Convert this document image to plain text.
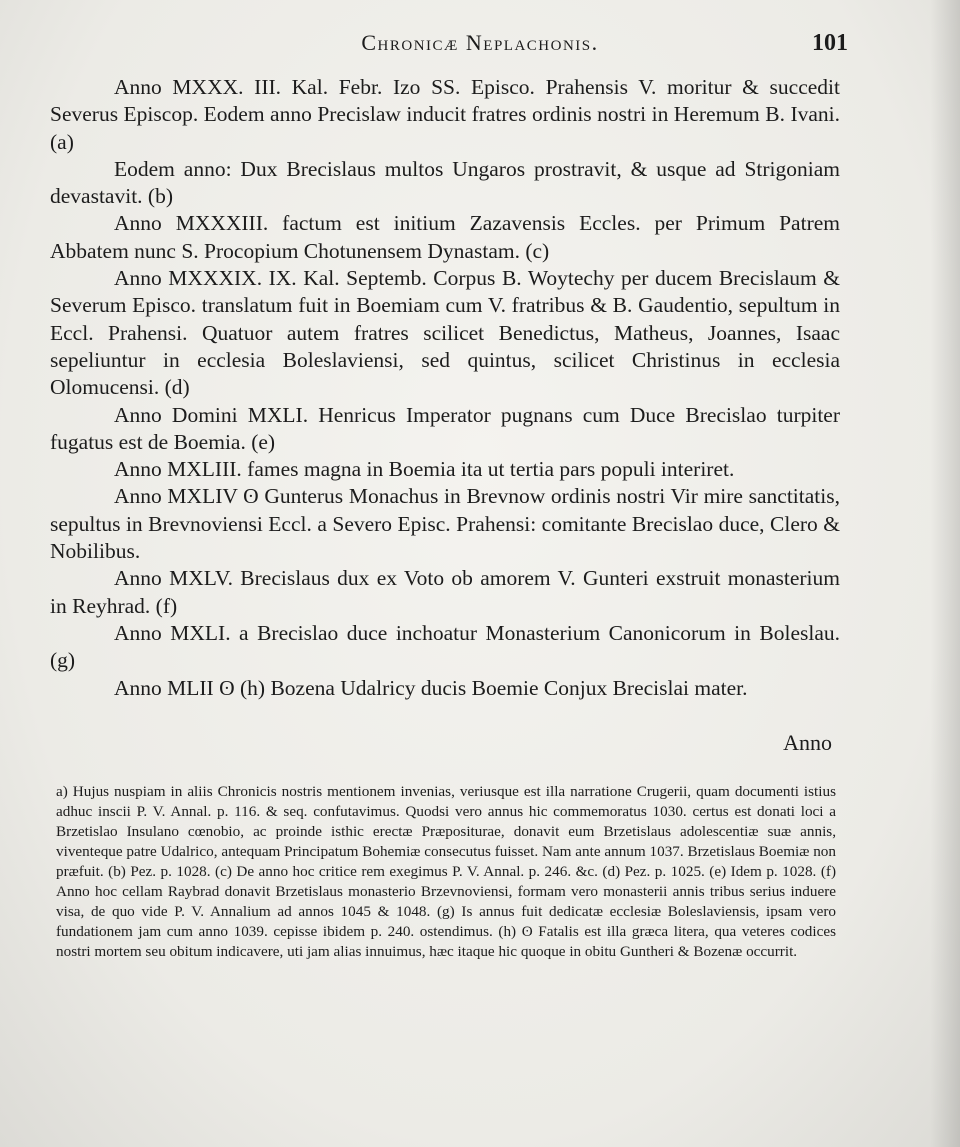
Chronicæ Neplachonis.	101

Anno MXXX. III. Kal. Febr. Izo SS. Episco. Prahensis V. moritur & succedit Severus Episcop. Eodem anno Precislaw inducit fratres ordinis nostri in Heremum B. Ivani. (a)

Eodem anno: Dux Brecislaus multos Ungaros prostravit, & usque ad Strigoniam devastavit. (b)

Anno MXXXIII. factum est initium Zazavensis Eccles. per Primum Patrem Abbatem nunc S. Procopium Chotunensem Dynastam. (c)

Anno MXXXIX. IX. Kal. Septemb. Corpus B. Woytechy per ducem Brecislaum & Severum Episco. translatum fuit in Boemiam cum V. fratribus & B. Gaudentio, sepultum in Eccl. Prahensi. Quatuor autem fratres scilicet Benedictus, Matheus, Joannes, Isaac sepeliuntur in ecclesia Boleslaviensi, sed quintus, scilicet Christinus in ecclesia Olomucensi. (d)

Anno Domini MXLI. Henricus Imperator pugnans cum Duce Brecislao turpiter fugatus est de Boemia. (e)

Anno MXLIII. fames magna in Boemia ita ut tertia pars populi interiret.

Anno MXLIV ʘ Gunterus Monachus in Brevnow ordinis nostri Vir mire sanctitatis, sepultus in Brevnoviensi Eccl. a Severo Episc. Prahensi: comitante Brecislao duce, Clero & Nobilibus.

Anno MXLV. Brecislaus dux ex Voto ob amorem V. Gunteri exstruit monasterium in Reyhrad. (f)

Anno MXLI. a Brecislao duce inchoatur Monasterium Canonicorum in Boleslau. (g)

Anno MLII ʘ (h) Bozena Udalricy ducis Boemie Conjux Brecislai mater.

Anno

a) Hujus nuspiam in aliis Chronicis nostris mentionem invenias, veriusque est illa narratione Crugerii, quam documenti istius adhuc inscii P. V. Annal. p. 116. & seq. confutavimus. Quodsi vero annus hic commemoratus 1030. certus est donati loci a Brzetislao Insulano cœnobio, ac proinde isthic erectæ Præpositurae, donavit eum Brzetislaus adolescentiæ suæ annis, viventeque patre Udalrico, antequam Principatum Bohemiæ consecutus fuisset. Nam ante annum 1037. Brzetislaus Boemiæ non præfuit. (b) Pez. p. 1028. (c) De anno hoc critice rem exegimus P. V. Annal. p. 246. &c. (d) Pez. p. 1025. (e) Idem p. 1028. (f) Anno hoc cellam Raybrad donavit Brzetislaus monasterio Brzevnoviensi, formam vero monasterii annis tribus serius induere visa, de quo vide P. V. Annalium ad annos 1045 & 1048. (g) Is annus fuit dedicatæ ecclesiæ Boleslaviensis, ipsam vero fundationem jam cum anno 1039. cepisse ibidem p. 240. ostendimus. (h) ʘ Fatalis est illa græca litera, qua veteres codices nostri mortem seu obitum indicavere, uti jam alias innuimus, hæc itaque hic quoque in obitu Guntheri & Bozenæ occurrit.
